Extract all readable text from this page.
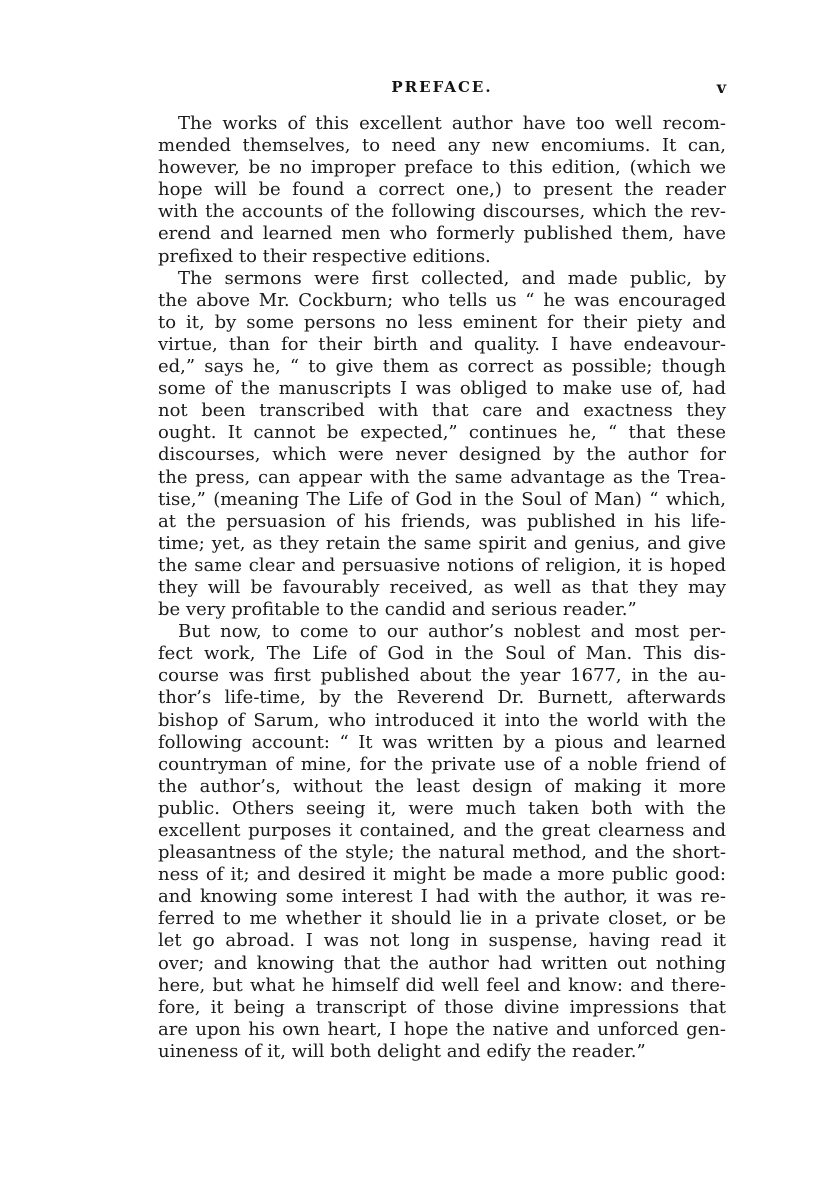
PREFACE.	v
The works of this excellent author have too well recom-
mended themselves, to need any new encomiums. It can,
however, be no improper preface to this edition, (which we
hope will be found a correct one,) to present the reader
with the accounts of the following discourses, which the rev-
erend and learned men who formerly published them, have
prefixed to their respective editions.
The sermons were first collected, and made public, by
the above Mr. Cockburn; who tells us “ he was encouraged
to it, by some persons no less eminent for their piety and
virtue, than for their birth and quality. I have endeavour-
ed,” says he, “ to give them as correct as possible; though
some of the manuscripts I was obliged to make use of, had
not been transcribed with that care and exactness they
ought. It cannot be expected,” continues he, “ that these
discourses, which were never designed by the author for
the press, can appear with the same advantage as the Trea-
tise,” (meaning The Life of God in the Soul of Man) “ which,
at the persuasion of his friends, was published in his life-
time; yet, as they retain the same spirit and genius, and give
the same clear and persuasive notions of religion, it is hoped
they will be favourably received, as well as that they may
be very profitable to the candid and serious reader.”
But now, to come to our author’s noblest and most per-
fect work, The Life of God in the Soul of Man. This dis-
course was first published about the year 1677, in the au-
thor’s life-time, by the Reverend Dr. Burnett, afterwards
bishop of Sarum, who introduced it into the world with the
following account: “ It was written by a pious and learned
countryman of mine, for the private use of a noble friend of
the author’s, without the least design of making it more
public. Others seeing it, were much taken both with the
excellent purposes it contained, and the great clearness and
pleasantness of the style; the natural method, and the short-
ness of it; and desired it might be made a more public good:
and knowing some interest I had with the author, it was re-
ferred to me whether it should lie in a private closet, or be
let go abroad. I was not long in suspense, having read it
over; and knowing that the author had written out nothing
here, but what he himself did well feel and know: and there-
fore, it being a transcript of those divine impressions that
are upon his own heart, I hope the native and unforced gen-
uineness of it, will both delight and edify the reader.”
